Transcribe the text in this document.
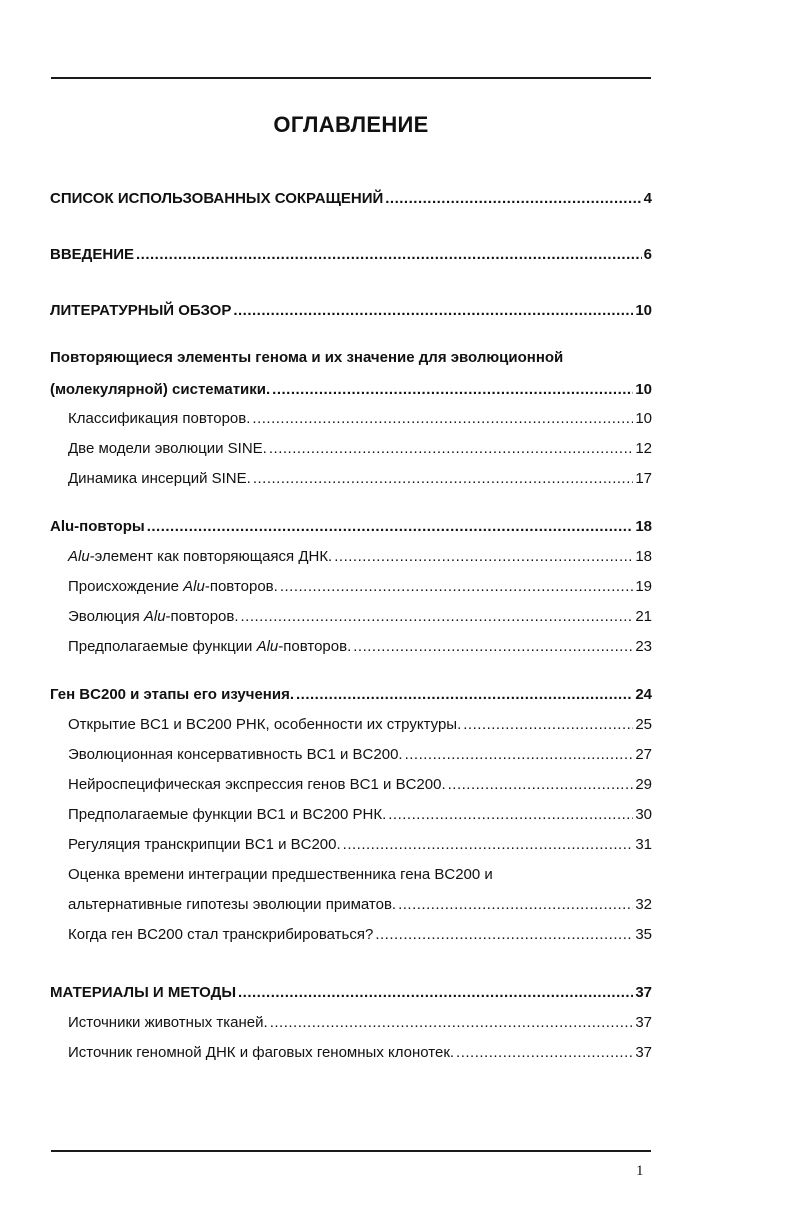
ОГЛАВЛЕНИЕ
СПИСОК ИСПОЛЬЗОВАННЫХ СОКРАЩЕНИЙ .....	4
ВВЕДЕНИЕ .....	6
ЛИТЕРАТУРНЫЙ ОБЗОР .....	10
Повторяющиеся элементы генома и их значение для эволюционной
(молекулярной) систематики. .....	10
Классификация повторов. .....	10
Две модели эволюции SINE. .....	12
Динамика инсерций SINE. .....	17
Alu-повторы .....	18
Alu-элемент как повторяющаяся ДНК. .....	18
Происхождение Alu-повторов. .....	19
Эволюция Alu-повторов. .....	21
Предполагаемые функции Alu-повторов. .....	23
Ген BC200 и этапы его изучения. .....	24
Открытие BC1 и BC200 РНК, особенности их структуры. .....	25
Эволюционная консервативность BC1 и BC200. .....	27
Нейроспецифическая экспрессия генов BC1 и BC200. .....	29
Предполагаемые функции BC1 и BC200 РНК. .....	30
Регуляция транскрипции BC1 и BC200. .....	31
Оценка времени интеграции предшественника гена BC200 и
альтернативные гипотезы эволюции приматов. .....	32
Когда ген BC200 стал транскрибироваться? .....	35
МАТЕРИАЛЫ И МЕТОДЫ .....	37
Источники животных тканей. .....	37
Источник геномной ДНК и фаговых геномных клонотек. .....	37
1
